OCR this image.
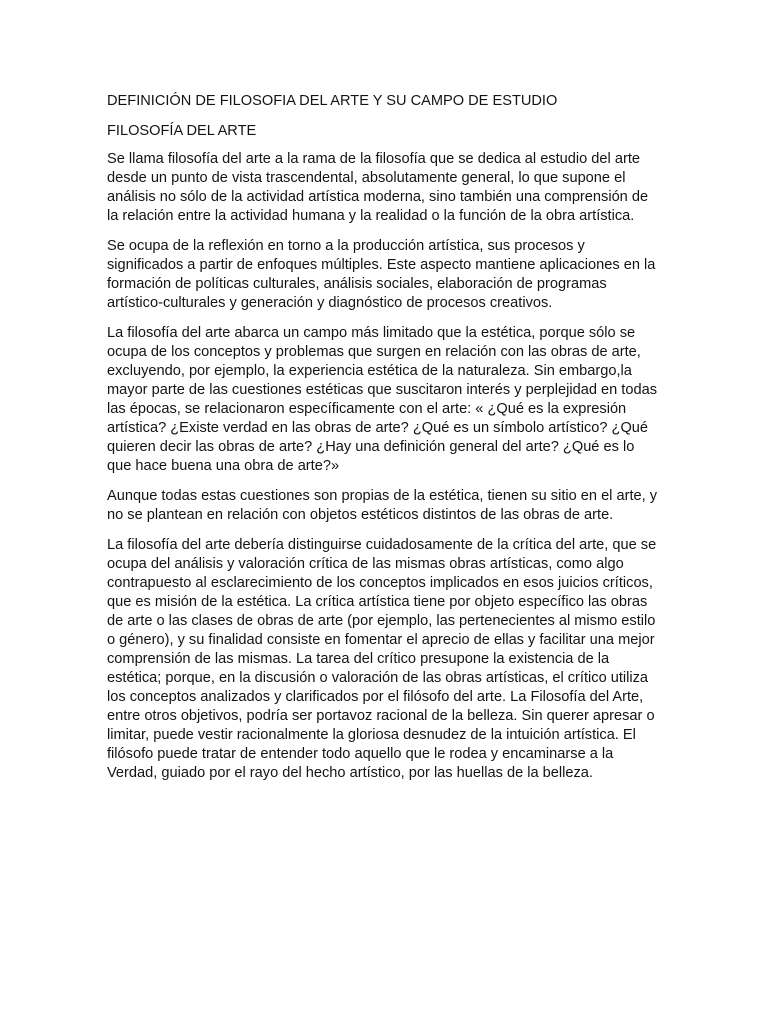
DEFINICIÓN DE FILOSOFIA DEL ARTE Y SU CAMPO DE ESTUDIO
FILOSOFÍA DEL ARTE

Se llama filosofía del arte a la rama de la filosofía que se dedica al estudio del arte desde un punto de vista trascendental, absolutamente general, lo que supone el análisis no sólo de la actividad artística moderna, sino también una comprensión de la relación entre la actividad humana y la realidad o la función de la obra artística.

Se ocupa de la reflexión en torno a la producción artística, sus procesos y significados a partir de enfoques múltiples. Este aspecto mantiene aplicaciones en la formación de políticas culturales, análisis sociales, elaboración de programas artístico-culturales y generación y diagnóstico de procesos creativos.

La filosofía del arte abarca un campo más limitado que la estética, porque sólo se ocupa de los conceptos y problemas que surgen en relación con las obras de arte, excluyendo, por ejemplo, la experiencia estética de la naturaleza. Sin embargo,la mayor parte de las cuestiones estéticas que suscitaron interés y perplejidad en todas las épocas, se relacionaron específicamente con el arte: « ¿Qué es la expresión artística? ¿Existe verdad en las obras de arte? ¿Qué es un símbolo artístico? ¿Qué quieren decir las obras de arte? ¿Hay una definición general del arte? ¿Qué es lo que hace buena una obra de arte?»

Aunque todas estas cuestiones son propias de la estética, tienen su sitio en el arte, y no se plantean en relación con objetos estéticos distintos de las obras de arte.

La filosofía del arte debería distinguirse cuidadosamente de la crítica del arte, que se ocupa del análisis y valoración crítica de las mismas obras artísticas, como algo contrapuesto al esclarecimiento de los conceptos implicados en esos juicios críticos, que es misión de la estética. La crítica artística tiene por objeto específico las obras de arte o las clases de obras de arte (por ejemplo, las pertenecientes al mismo estilo o género), y su finalidad consiste en fomentar el aprecio de ellas y facilitar una mejor comprensión de las mismas. La tarea del crítico presupone la existencia de la estética; porque, en la discusión o valoración de las obras artísticas, el crítico utiliza los conceptos analizados y clarificados por el filósofo del arte. La Filosofía del Arte, entre otros objetivos, podría ser portavoz racional de la belleza. Sin querer apresar o limitar, puede vestir racionalmente la gloriosa desnudez de la intuición artística. El filósofo puede tratar de entender todo aquello que le rodea y encaminarse a la Verdad, guiado por el rayo del hecho artístico, por las huellas de la belleza.
